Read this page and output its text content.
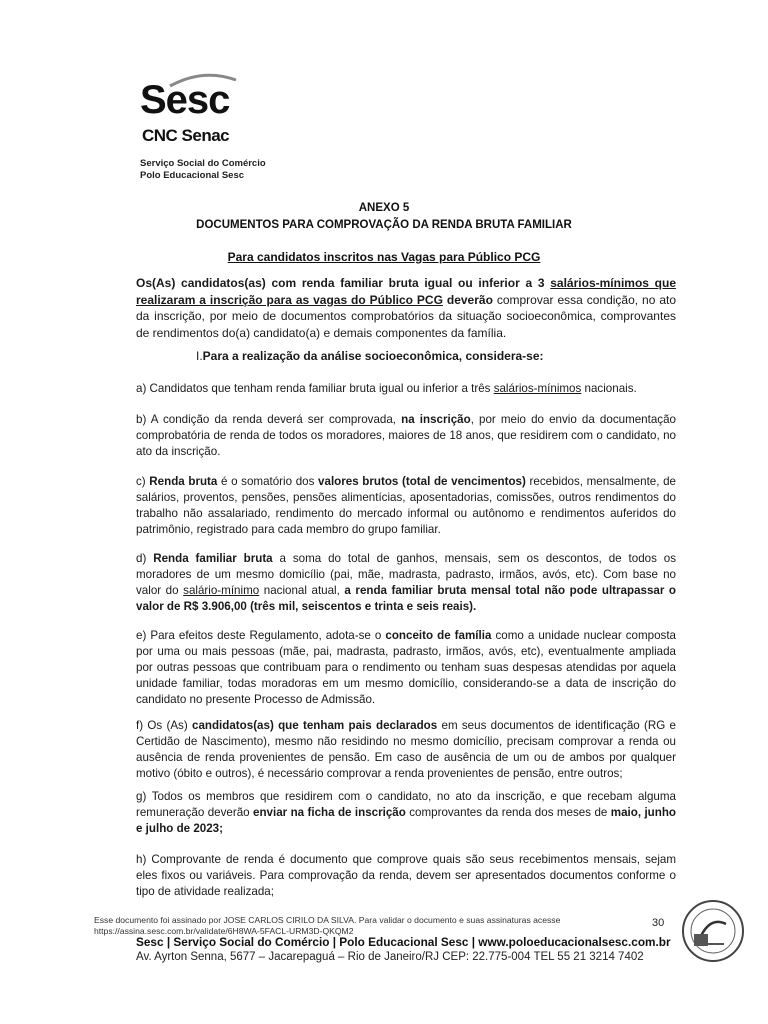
Sesc
CNC Senac
Serviço Social do Comércio
Polo Educacional Sesc
ANEXO 5
DOCUMENTOS PARA COMPROVAÇÃO DA RENDA BRUTA FAMILIAR
Para candidatos inscritos nas Vagas para Público PCG

Os(As) candidatos(as) com renda familiar bruta igual ou inferior a 3 salários-mínimos que realizaram a inscrição para as vagas do Público PCG deverão comprovar essa condição, no ato da inscrição, por meio de documentos comprobatórios da situação socioeconômica, comprovantes de rendimentos do(a) candidato(a) e demais componentes da família.

I.Para a realização da análise socioeconômica, considera-se:

a) Candidatos que tenham renda familiar bruta igual ou inferior a três salários-mínimos nacionais.

b) A condição da renda deverá ser comprovada, na inscrição, por meio do envio da documentação comprobatória de renda de todos os moradores, maiores de 18 anos, que residirem com o candidato, no ato da inscrição.

c) Renda bruta é o somatório dos valores brutos (total de vencimentos) recebidos, mensalmente, de salários, proventos, pensões, pensões alimentícias, aposentadorias, comissões, outros rendimentos do trabalho não assalariado, rendimento do mercado informal ou autônomo e rendimentos auferidos do patrimônio, registrado para cada membro do grupo familiar.

d) Renda familiar bruta a soma do total de ganhos, mensais, sem os descontos, de todos os moradores de um mesmo domicílio (pai, mãe, madrasta, padrasto, irmãos, avós, etc). Com base no valor do salário-mínimo nacional atual, a renda familiar bruta mensal total não pode ultrapassar o valor de R$ 3.906,00 (três mil, seiscentos e trinta e seis reais).

e) Para efeitos deste Regulamento, adota-se o conceito de família como a unidade nuclear composta por uma ou mais pessoas (mãe, pai, madrasta, padrasto, irmãos, avós, etc), eventualmente ampliada por outras pessoas que contribuam para o rendimento ou tenham suas despesas atendidas por aquela unidade familiar, todas moradoras em um mesmo domicílio, considerando-se a data de inscrição do candidato no presente Processo de Admissão.

f) Os (As) candidatos(as) que tenham pais declarados em seus documentos de identificação (RG e Certidão de Nascimento), mesmo não residindo no mesmo domicílio, precisam comprovar a renda ou ausência de renda provenientes de pensão. Em caso de ausência de um ou de ambos por qualquer motivo (óbito e outros), é necessário comprovar a renda provenientes de pensão, entre outros;

g) Todos os membros que residirem com o candidato, no ato da inscrição, e que recebam alguma remuneração deverão enviar na ficha de inscrição comprovantes da renda dos meses de maio, junho e julho de 2023;

h) Comprovante de renda é documento que comprove quais são seus recebimentos mensais, sejam eles fixos ou variáveis. Para comprovação da renda, devem ser apresentados documentos conforme o tipo de atividade realizada;

Esse documento foi assinado por JOSE CARLOS CIRILO DA SILVA. Para validar o documento e suas assinaturas acesse
https://assina.sesc.com.br/validate/6H8WA-5FACL-URM3D-QKQM2
30
Sesc | Serviço Social do Comércio | Polo Educacional Sesc | www.poloeducacionalsesc.com.br
Av. Ayrton Senna, 5677 – Jacarepaguá – Rio de Janeiro/RJ CEP: 22.775-004 TEL 55 21 3214 7402
